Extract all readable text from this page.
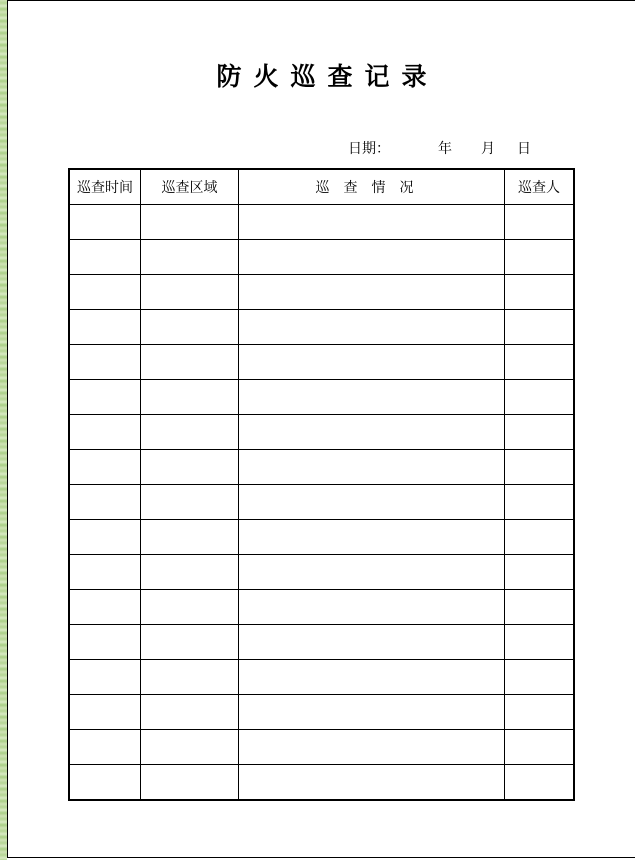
防火巡查记录
日期：	年 月 日
巡查时间	巡查区域	巡查情况	巡查人
